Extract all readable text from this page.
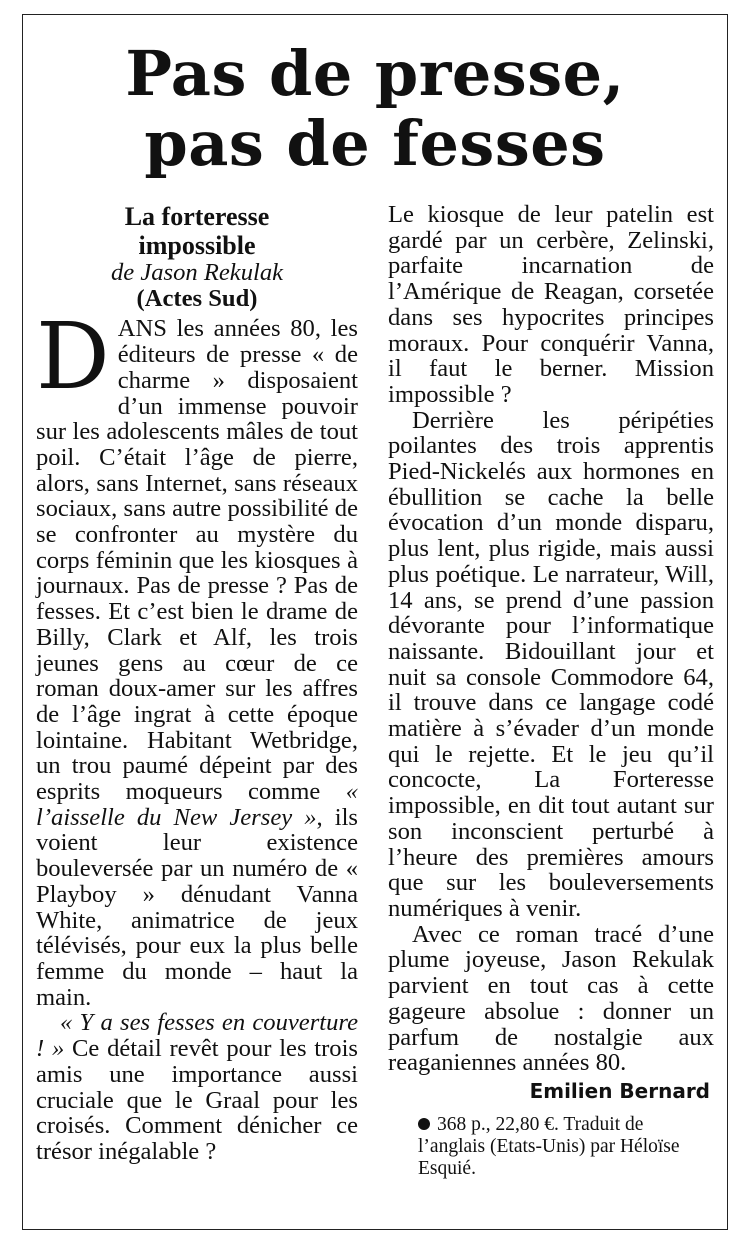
Pas de presse,
pas de fesses

La forteresse
impossible

de Jason Rekulak

(Actes Sud)

DANS les années 80, les éditeurs de presse « de charme » disposaient d’un immense pouvoir sur les adolescents mâles de tout poil. C’était l’âge de pierre, alors, sans Internet, sans réseaux sociaux, sans autre possibilité de se confronter au mystère du corps féminin que les kiosques à journaux. Pas de presse ? Pas de fesses. Et c’est bien le drame de Billy, Clark et Alf, les trois jeunes gens au cœur de ce roman doux-amer sur les affres de l’âge ingrat à cette époque lointaine. Habitant Wetbridge, un trou paumé dépeint par des esprits moqueurs comme « l’aisselle du New Jersey », ils voient leur existence bouleversée par un numéro de « Playboy » dénudant Vanna White, animatrice de jeux télévisés, pour eux la plus belle femme du monde – haut la main.

« Y a ses fesses en couverture ! » Ce détail revêt pour les trois amis une importance aussi cruciale que le Graal pour les croisés. Comment dénicher ce trésor inégalable ?

Le kiosque de leur patelin est gardé par un cerbère, Zelinski, parfaite incarnation de l’Amérique de Reagan, corsetée dans ses hypocrites principes moraux. Pour conquérir Vanna, il faut le berner. Mission impossible ?

Derrière les péripéties poilantes des trois apprentis Pied-Nickelés aux hormones en ébullition se cache la belle évocation d’un monde disparu, plus lent, plus rigide, mais aussi plus poétique. Le narrateur, Will, 14 ans, se prend d’une passion dévorante pour l’informatique naissante. Bidouillant jour et nuit sa console Commodore 64, il trouve dans ce langage codé matière à s’évader d’un monde qui le rejette. Et le jeu qu’il concocte, La Forteresse impossible, en dit tout autant sur son inconscient perturbé à l’heure des premières amours que sur les bouleversements numériques à venir.

Avec ce roman tracé d’une plume joyeuse, Jason Rekulak parvient en tout cas à cette gageure absolue : donner un parfum de nostalgie aux reaganiennes années 80.

Emilien Bernard
368 p., 22,80 €. Traduit de l’anglais (Etats-Unis) par Héloïse Esquié.
